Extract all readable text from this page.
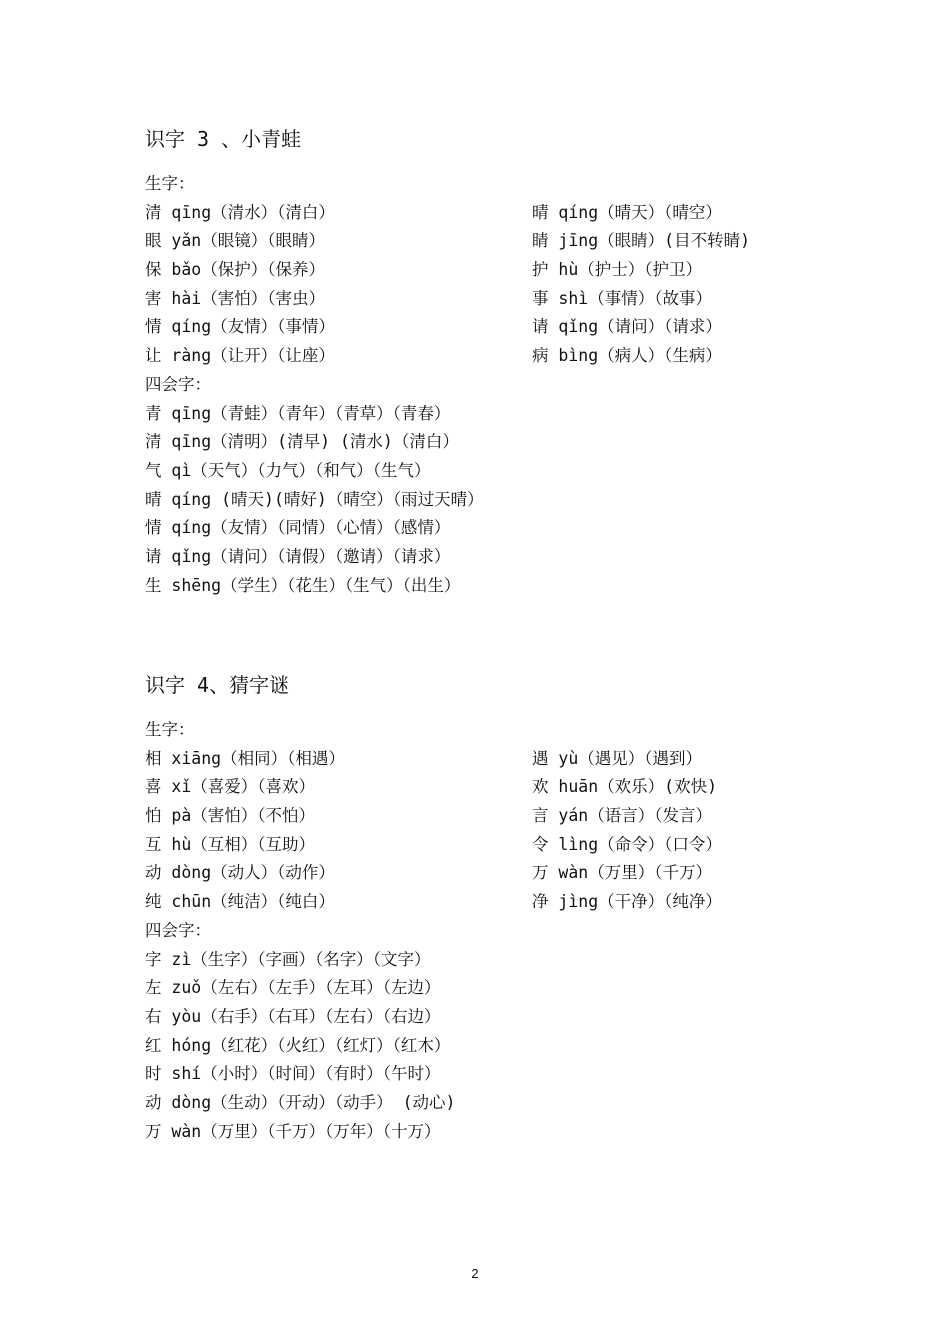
识字 3 、小青蛙
生字：
清 qīng（清水）（清白）	晴 qíng（晴天）（晴空）
眼 yǎn（眼镜）（眼睛）	睛 jīng（眼睛）(目不转睛)
保 bǎo（保护）（保养）	护 hù（护士）（护卫）
害 hài（害怕）（害虫）	事 shì（事情）（故事）
情 qíng（友情）（事情）	请 qǐng（请问）（请求）
让 ràng（让开）（让座）	病 bìng（病人）（生病）
四会字：
青 qīng（青蛙）（青年）（青草）（青春）
清 qīng（清明）(清早) (清水)（清白）
气 qì（天气）（力气）（和气）（生气）
晴 qíng (晴天)(晴好)（晴空）（雨过天晴）
情 qíng（友情）（同情）（心情）（感情）
请 qǐng（请问）（请假）（邀请）（请求）
生 shēng（学生）（花生）（生气）（出生）
识字 4、猜字谜
生字：
相 xiāng（相同）（相遇）	遇 yù（遇见）（遇到）
喜 xǐ（喜爱）（喜欢）	欢 huān（欢乐）(欢快)
怕 pà（害怕）（不怕）	言 yán（语言）（发言）
互 hù（互相）（互助）	令 lìng（命令）（口令）
动 dòng（动人）（动作）	万 wàn（万里）（千万）
纯 chūn（纯洁）（纯白）	净 jìng（干净）（纯净）
四会字：
字 zì（生字）（字画）（名字）（文字）
左 zuǒ（左右）（左手）（左耳）（左边）
右 yòu（右手）（右耳）（左右）（右边）
红 hóng（红花）（火红）（红灯）（红木）
时 shí（小时）（时间）（有时）（午时）
动 dòng（生动）（开动）（动手） (动心)
万 wàn（万里）（千万）（万年）（十万）
2
